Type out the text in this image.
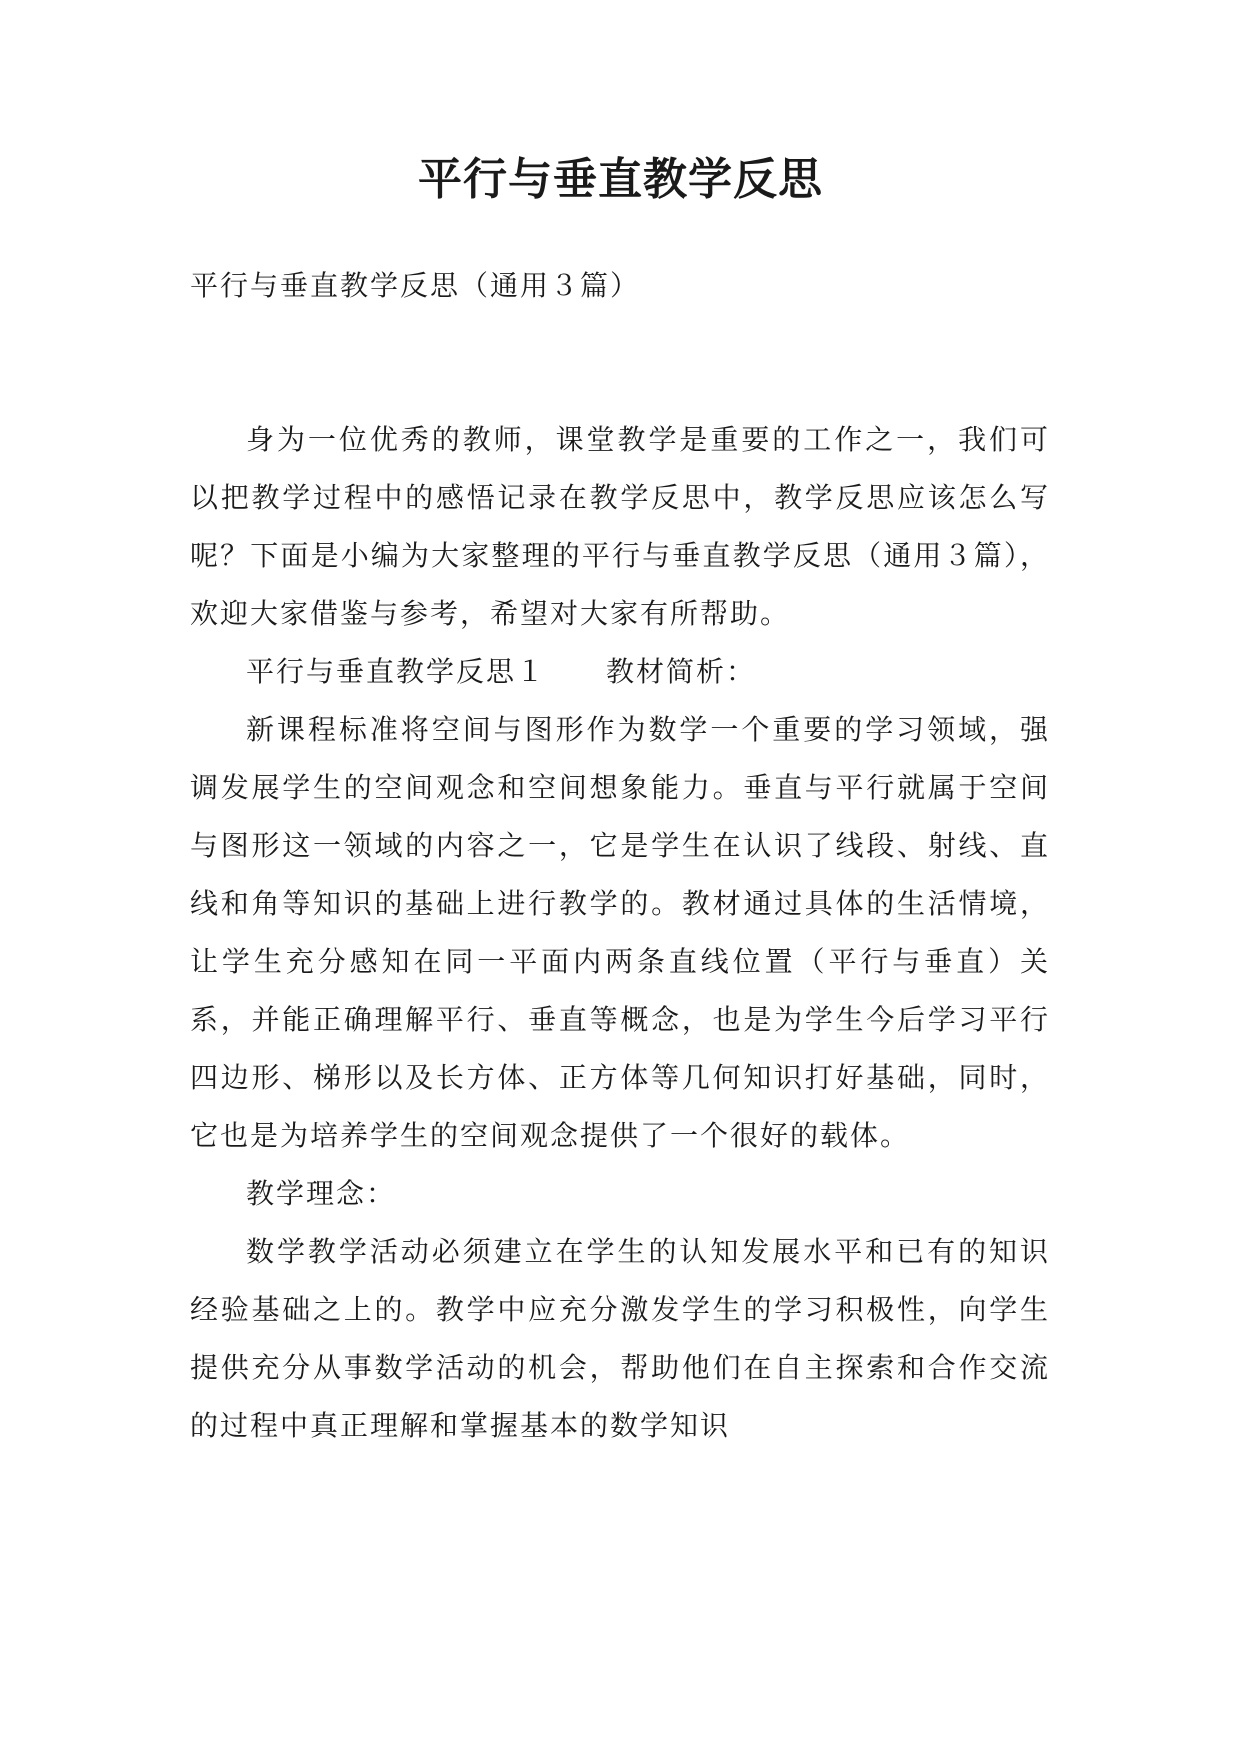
平行与垂直教学反思

平行与垂直教学反思（通用３篇）

身为一位优秀的教师，课堂教学是重要的工作之一，我们可以把教学过程中的感悟记录在教学反思中，教学反思应该怎么写呢？下面是小编为大家整理的平行与垂直教学反思（通用３篇），欢迎大家借鉴与参考，希望对大家有所帮助。

平行与垂直教学反思１　　教材简析：

新课程标准将空间与图形作为数学一个重要的学习领域，强调发展学生的空间观念和空间想象能力。垂直与平行就属于空间与图形这一领域的内容之一，它是学生在认识了线段、射线、直线和角等知识的基础上进行教学的。教材通过具体的生活情境，让学生充分感知在同一平面内两条直线位置（平行与垂直）关系，并能正确理解平行、垂直等概念，也是为学生今后学习平行四边形、梯形以及长方体、正方体等几何知识打好基础，同时，它也是为培养学生的空间观念提供了一个很好的载体。

教学理念：

数学教学活动必须建立在学生的认知发展水平和已有的知识经验基础之上的。教学中应充分激发学生的学习积极性，向学生提供充分从事数学活动的机会，帮助他们在自主探索和合作交流的过程中真正理解和掌握基本的数学知识
